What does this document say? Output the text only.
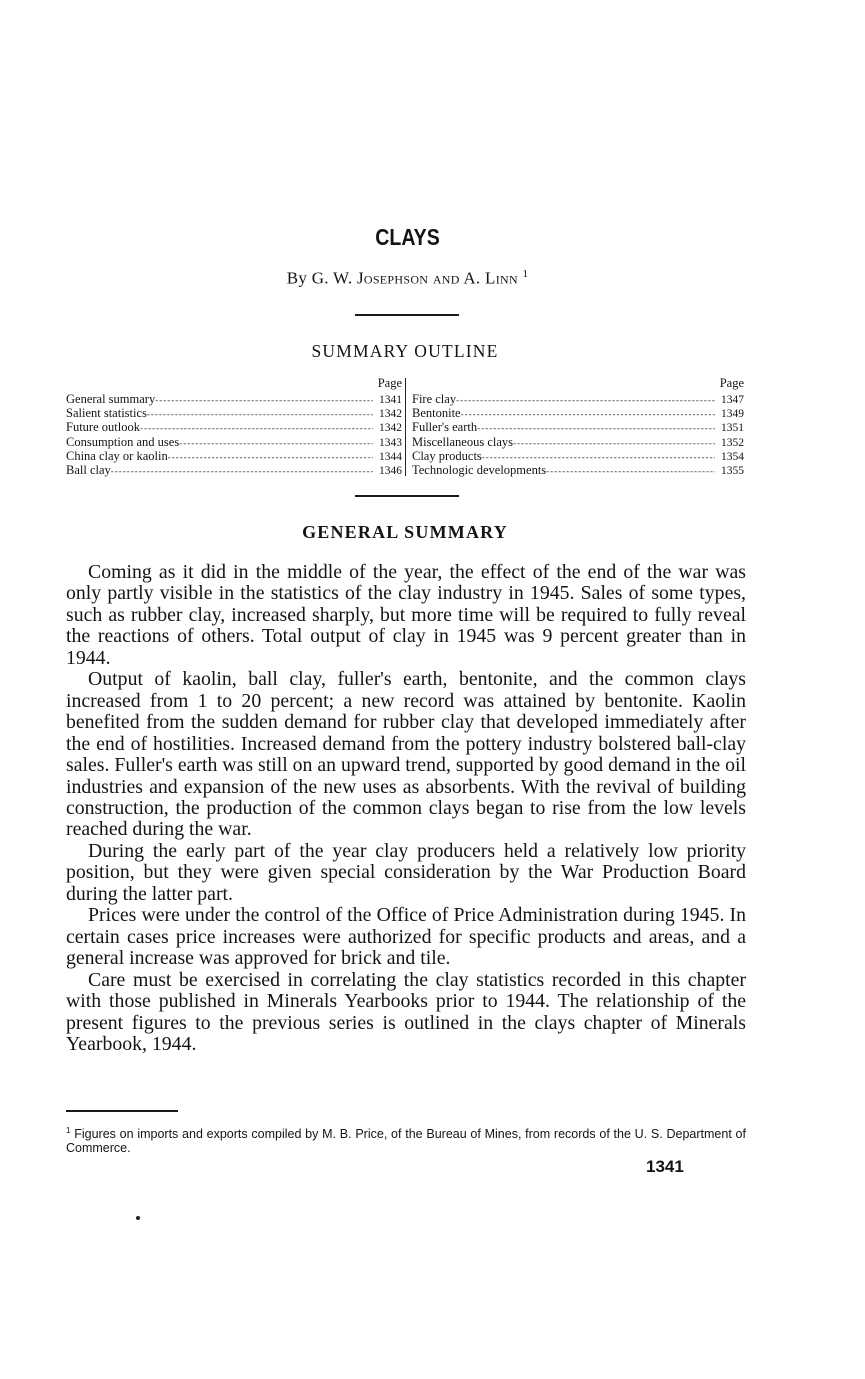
CLAYS
By G. W. Josephson and A. Linn $^1$
SUMMARY OUTLINE
Page
General summary -----	1341
Salient statistics -----	1342
Future outlook -----	1342
Consumption and uses -----	1343
China clay or kaolin -----	1344
Ball clay -----	1346
Page
Fire clay -----	1347
Bentonite -----	1349
Fuller's earth -----	1351
Miscellaneous clays -----	1352
Clay products -----	1354
Technologic developments -----	1355
GENERAL SUMMARY

Coming as it did in the middle of the year, the effect of the end of the war was only partly visible in the statistics of the clay industry in 1945. Sales of some types, such as rubber clay, increased sharply, but more time will be required to fully reveal the reactions of others. Total output of clay in 1945 was 9 percent greater than in 1944.

Output of kaolin, ball clay, fuller's earth, bentonite, and the common clays increased from 1 to 20 percent; a new record was attained by bentonite. Kaolin benefited from the sudden demand for rubber clay that developed immediately after the end of hostilities. Increased demand from the pottery industry bolstered ball-clay sales. Fuller's earth was still on an upward trend, supported by good demand in the oil industries and expansion of the new uses as absorbents. With the revival of building construction, the production of the common clays began to rise from the low levels reached during the war.

During the early part of the year clay producers held a relatively low priority position, but they were given special consideration by the War Production Board during the latter part.

Prices were under the control of the Office of Price Administration during 1945. In certain cases price increases were authorized for specific products and areas, and a general increase was approved for brick and tile.

Care must be exercised in correlating the clay statistics recorded in this chapter with those published in Minerals Yearbooks prior to 1944. The relationship of the present figures to the previous series is outlined in the clays chapter of Minerals Yearbook, 1944.

$^1$ Figures on imports and exports compiled by M. B. Price, of the Bureau of Mines, from records of the U. S. Department of Commerce.
1341
